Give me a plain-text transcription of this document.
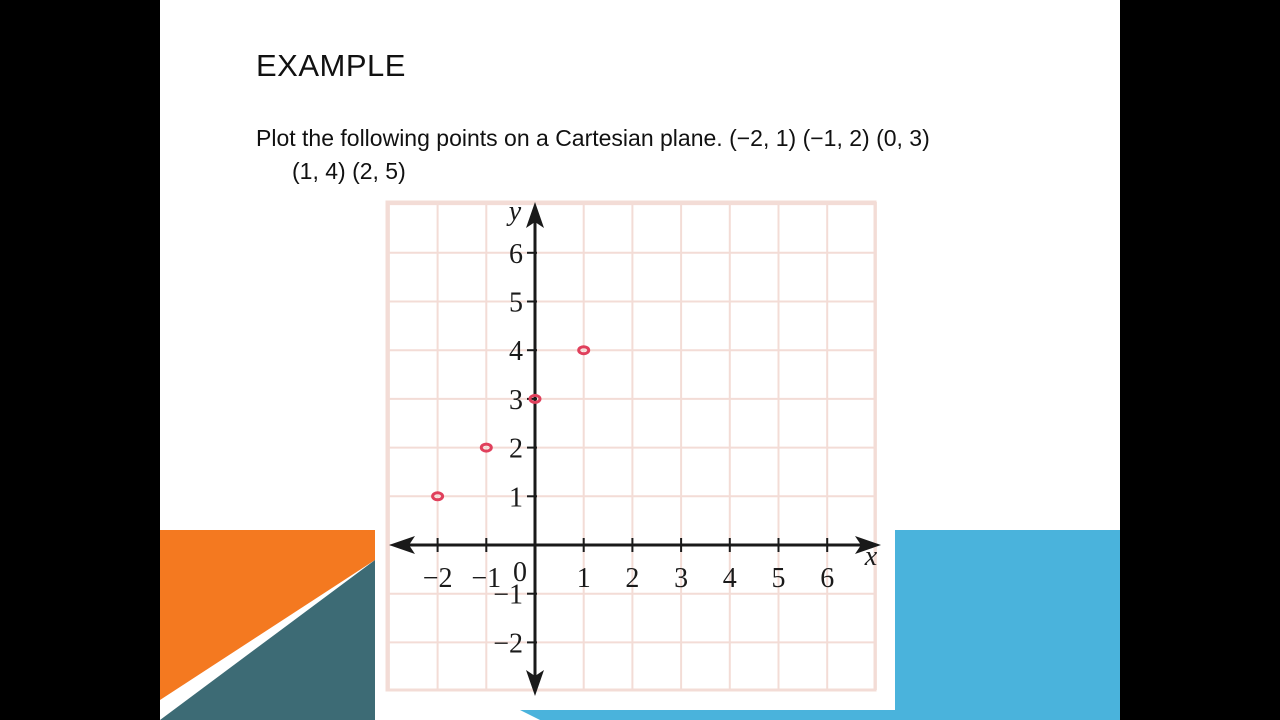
EXAMPLE
Plot the following points on a Cartesian plane. (−2, 1) (−1, 2) (0, 3)
(1, 4) (2, 5)
−2 −1	1 2 3 4 5 6
−2
−1
1
2
3
4
5
6
0
x
y
